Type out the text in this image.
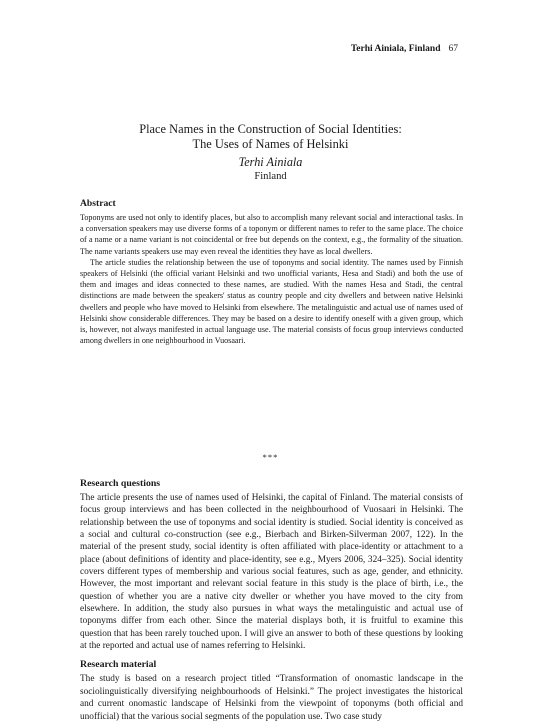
Terhi Ainiala, Finland 67
Place Names in the Construction of Social Identities:
The Uses of Names of Helsinki
Terhi Ainiala
Finland
Abstract

Toponyms are used not only to identify places, but also to accomplish many relevant social and interactional tasks. In a conversation speakers may use diverse forms of a toponym or different names to refer to the same place. The choice of a name or a name variant is not coincidental or free but depends on the context, e.g., the formality of the situation. The name variants speakers use may even reveal the identities they have as local dwellers.

The article studies the relationship between the use of toponyms and social identity. The names used by Finnish speakers of Helsinki (the official variant Helsinki and two unofficial variants, Hesa and Stadi) and both the use of them and images and ideas connected to these names, are studied. With the names Hesa and Stadi, the central distinctions are made between the speakers' status as country people and city dwellers and between native Helsinki dwellers and people who have moved to Helsinki from elsewhere. The metalinguistic and actual use of names used of Helsinki show considerable differences. They may be based on a desire to identify oneself with a given group, which is, however, not always manifested in actual language use. The material consists of focus group interviews conducted among dwellers in one neighbourhood in Vuosaari.

***
Research questions

The article presents the use of names used of Helsinki, the capital of Finland. The material consists of focus group interviews and has been collected in the neighbourhood of Vuosaari in Helsinki. The relationship between the use of toponyms and social identity is studied. Social identity is conceived as a social and cultural co-construction (see e.g., Bierbach and Birken-Silverman 2007, 122). In the material of the present study, social identity is often affiliated with place-identity or attachment to a place (about definitions of identity and place-identity, see e.g., Myers 2006, 324–325). Social identity covers different types of membership and various social features, such as age, gender, and ethnicity. However, the most important and relevant social feature in this study is the place of birth, i.e., the question of whether you are a native city dweller or whether you have moved to the city from elsewhere. In addition, the study also pursues in what ways the metalinguistic and actual use of toponyms differ from each other. Since the material displays both, it is fruitful to examine this question that has been rarely touched upon. I will give an answer to both of these questions by looking at the reported and actual use of names referring to Helsinki.

Research material

The study is based on a research project titled “Transformation of onomastic landscape in the sociolinguistically diversifying neighbourhoods of Helsinki.” The project investigates the historical and current onomastic landscape of Helsinki from the viewpoint of toponyms (both official and unofficial) that the various social segments of the population use. Two case study
